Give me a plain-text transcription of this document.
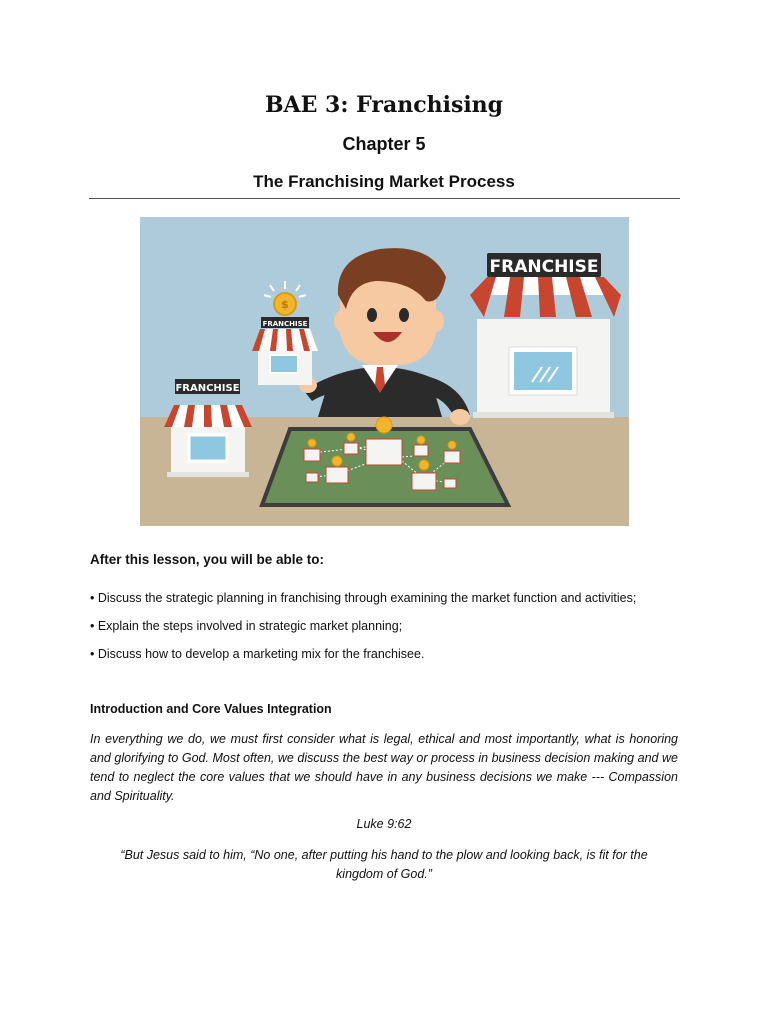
BAE 3: Franchising
Chapter 5
The Franchising Market Process
FRANCHISE
FRANCHISE
FRANCHISE
$
After this lesson, you will be able to:
• Discuss the strategic planning in franchising through examining the market function and activities;
• Explain the steps involved in strategic market planning;
• Discuss how to develop a marketing mix for the franchisee.
Introduction and Core Values Integration
In everything we do, we must first consider what is legal, ethical and most importantly, what is honoring and glorifying to God. Most often, we discuss the best way or process in business decision making and we tend to neglect the core values that we should have in any business decisions we make --- Compassion and Spirituality.
Luke 9:62
“But Jesus said to him, “No one, after putting his hand to the plow and looking back, is fit for the kingdom of God.”
